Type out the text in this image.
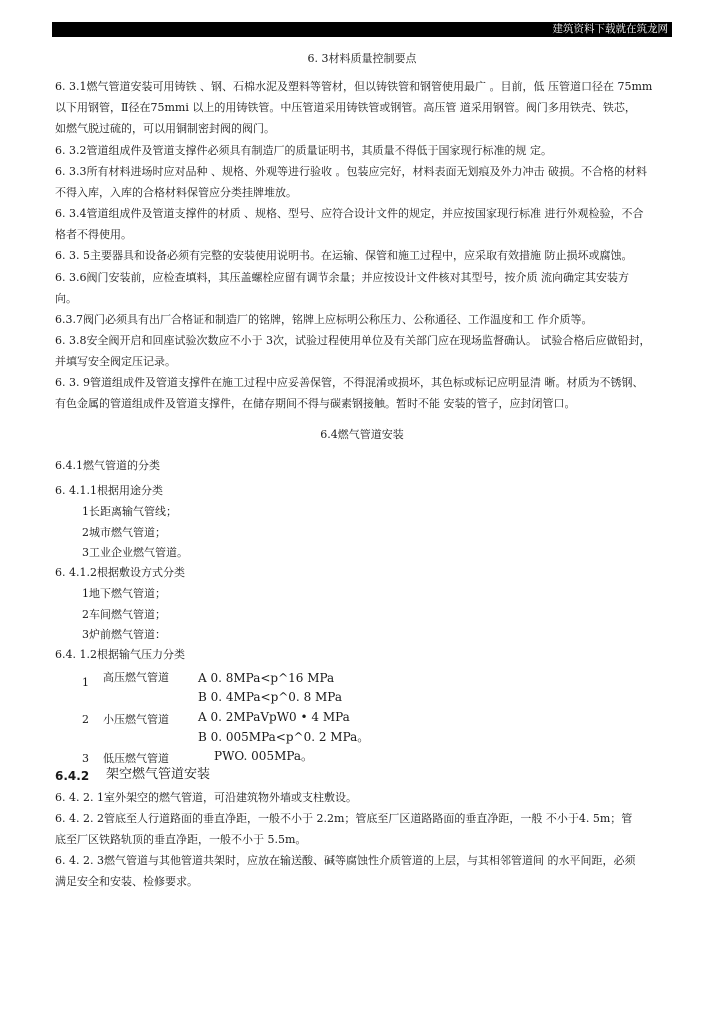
建筑资料下载就在筑龙网
6. 3材料质量控制要点
6. 3.1燃气管道安装可用铸铁 、钢、石棉水泥及塑料等管材，但以铸铁管和钢管使用最广 。目前，低 压管道口径在 75mm
以下用钢管，Ⅱ径在75mmi 以上的用铸铁管。中压管道采用铸铁管或钢管。高压管 道采用钢管。阀门多用铁壳、铁芯，
如燃气脱过硫的，可以用铜制密封阀的阀门。
6. 3.2管道组成件及管道支撑件必须具有制造厂的质量证明书，其质量不得低于国家现行标准的规 定。
6. 3.3所有材料进场时应对品种 、规格、外观等进行验收 。包装应完好，材料表面无划痕及外力冲击 破损。不合格的材料
不得入库，入库的合格材料保管应分类挂牌堆放。
6. 3.4管道组成件及管道支撑件的材质 、规格、型号、应符合设计文件的规定，并应按国家现行标准 进行外观检验，不合
格者不得使用。
6. 3. 5主要器具和设备必须有完整的安装使用说明书。在运输、保管和施工过程中，应采取有效措施 防止损坏或腐蚀。
6. 3.6阀门安装前，应检查填料，其压盖螺栓应留有调节余量；并应按设计文件核对其型号，按介质 流向确定其安装方
向。
6.3.7阀门必须具有出厂合格证和制造厂的铭牌，铭牌上应标明公称压力、公称通径、工作温度和工 作介质等。
6. 3.8安全阀开启和回座试验次数应不小于 3次，试验过程使用单位及有关部门应在现场监督确认。 试验合格后应做铅封，
并填写安全阀定压记录。
6. 3. 9管道组成件及管道支撑件在施工过程中应妥善保管，不得混淆或损坏，其色标或标记应明显清 晰。材质为不锈钢、
有色金属的管道组成件及管道支撑件，在储存期间不得与碳素钢接触。暂时不能 安装的管子，应封闭管口。
6.4燃气管道安装
6.4.1燃气管道的分类
6. 4.1.1根据用途分类
1长距离输气管线；
2城市燃气管道；
3工业企业燃气管道。
6. 4.1.2根据敷设方式分类
1地下燃气管道；
2车间燃气管道；
3炉前燃气管道：
6.4. 1.2根据输气压力分类
1 高压燃气管道 A 0. 8MPa<p^16 MPa
B 0. 4MPa<p^0. 8 MPa
2 小压燃气管道 A 0. 2MPaVpW0 • 4 MPa
B 0. 005MPa<p^0. 2 MPa。
3 低压燃气管道	PWO. 005MPa。
6.4.2 架空燃气管道安装
6. 4. 2. 1室外架空的燃气管道，可沿建筑物外墙或支柱敷设。
6. 4. 2. 2管底至人行道路面的垂直净距，一般不小于 2.2m；管底至厂区道路路面的垂直净距，一般 不小于4. 5m；管
底至厂区铁路轨顶的垂直净距，一般不小于 5.5m。
6. 4. 2. 3燃气管道与其他管道共架时，应放在输送酸、碱等腐蚀性介质管道的上层，与其相邻管道间 的水平间距，必须
满足安全和安装、检修要求。
